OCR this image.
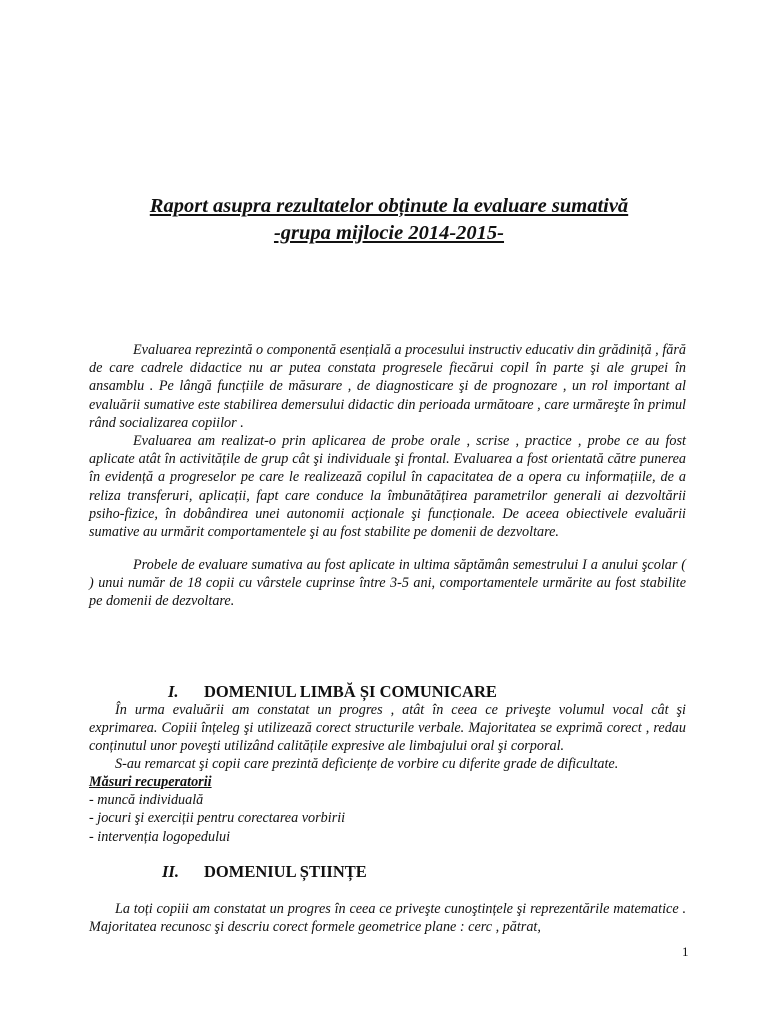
Raport asupra rezultatelor obținute la evaluare sumativă
-grupa mijlocie 2014-2015-

Evaluarea reprezintă o componentă esențială a procesului instructiv educativ din grădiniță , fără de care cadrele didactice nu ar putea constata progresele fiecărui copil în parte şi ale grupei în ansamblu . Pe lângă funcțiile de măsurare , de diagnosticare şi de prognozare , un rol important al evaluării sumative este stabilirea demersului didactic din perioada următoare , care urmăreşte în primul rând socializarea copiilor .

Evaluarea am realizat-o prin aplicarea de probe orale , scrise , practice , probe ce au fost aplicate atât în activitățile de grup cât şi individuale şi frontal. Evaluarea a fost orientată către punerea în evidență a progreselor pe care le realizează copilul în capacitatea de a opera cu informațiile, de a reliza transferuri, aplicații, fapt care conduce la îmbunătățirea parametrilor generali ai dezvoltării psiho-fizice, în dobândirea unei autonomii acționale şi funcționale. De aceea obiectivele evaluării sumative au urmărit comportamentele şi au fost stabilite pe domenii de dezvoltare.

Probele de evaluare sumativa au fost aplicate in ultima săptămân semestrului I a anului şcolar ( ) unui număr de 18 copii cu vârstele cuprinse între 3-5 ani, comportamentele urmărite au fost stabilite pe domenii de dezvoltare.

I. DOMENIUL LIMBĂ ȘI COMUNICARE

În urma evaluării am constatat un progres , atât în ceea ce priveşte volumul vocal cât şi exprimarea. Copiii înțeleg şi utilizează corect structurile verbale. Majoritatea se exprimă corect , redau conținutul unor poveşti utilizând calitățile expresive ale limbajului oral şi corporal.

S-au remarcat şi copii care prezintă deficiențe de vorbire cu diferite grade de dificultate.

Măsuri recuperatorii
- muncă individuală
- jocuri şi exerciții pentru corectarea vorbirii
- intervenția logopedului
II. DOMENIUL ȘTIINȚE

La toți copiii am constatat un progres în ceea ce priveşte cunoştințele şi reprezentările matematice . Majoritatea recunosc şi descriu corect formele geometrice plane : cerc , pătrat,

1
